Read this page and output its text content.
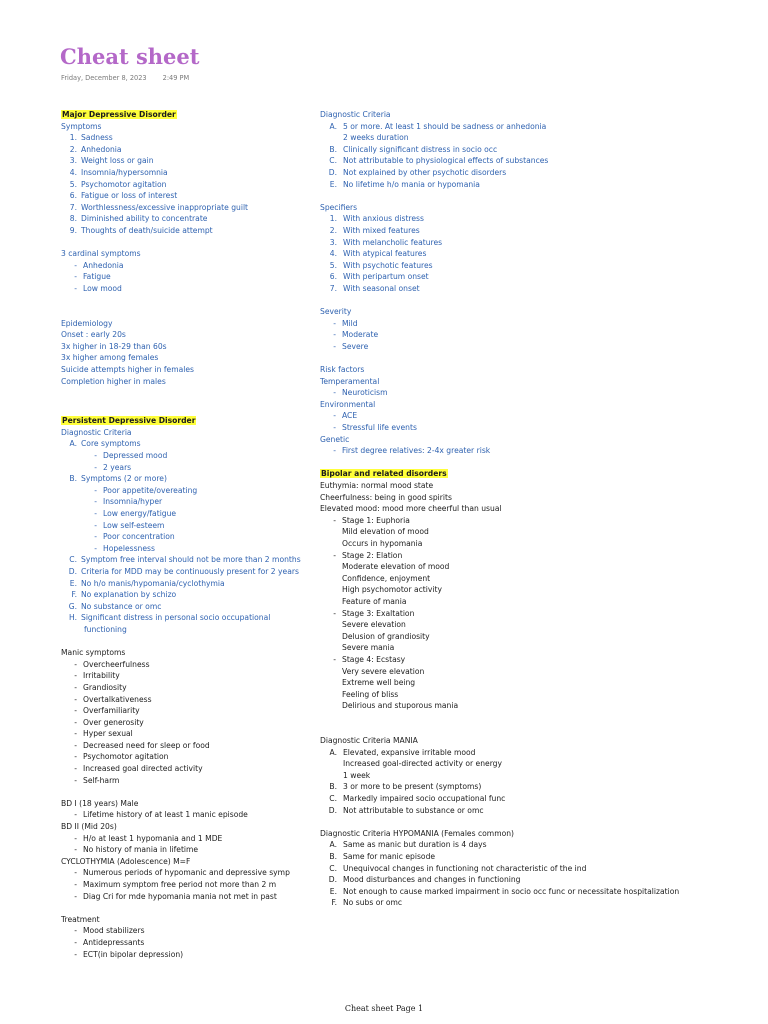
Cheat sheet
Friday, December 8, 2023 2:49 PM
Major Depressive Disorder
Symptoms
1. Sadness
2. Anhedonia
3. Weight loss or gain
4. Insomnia/hypersomnia
5. Psychomotor agitation
6. Fatigue or loss of interest
7. Worthlessness/excessive inappropriate guilt
8. Diminished ability to concentrate
9. Thoughts of death/suicide attempt
3 cardinal symptoms
- Anhedonia
- Fatigue
- Low mood
Epidemiology
Onset : early 20s
3x higher in 18-29 than 60s
3x higher among females
Suicide attempts higher in females
Completion higher in males
Persistent Depressive Disorder
Diagnostic Criteria
A. Core symptoms
- Depressed mood
- 2 years
B. Symptoms (2 or more)
- Poor appetite/overeating
- Insomnia/hyper
- Low energy/fatigue
- Low self-esteem
- Poor concentration
- Hopelessness
C. Symptom free interval should not be more than 2 months
D. Criteria for MDD may be continuously present for 2 years
E. No h/o manis/hypomania/cyclothymia
F. No explanation by schizo
G. No substance or omc
H. Significant distress in personal socio occupational
functioning
Manic symptoms
- Overcheerfulness
- Irritability
- Grandiosity
- Overtalkativeness
- Overfamiliarity
- Over generosity
- Hyper sexual
- Decreased need for sleep or food
- Psychomotor agitation
- Increased goal directed activity
- Self-harm
BD I (18 years) Male
- Lifetime history of at least 1 manic episode
BD II (Mid 20s)
- H/o at least 1 hypomania and 1 MDE
- No history of mania in lifetime
CYCLOTHYMIA (Adolescence) M=F
- Numerous periods of hypomanic and depressive symp
- Maximum symptom free period not more than 2 m
- Diag Cri for mde hypomania mania not met in past
Treatment
- Mood stabilizers
- Antidepressants
- ECT(in bipolar depression)
Diagnostic Criteria
A. 5 or more. At least 1 should be sadness or anhedonia
2 weeks duration
B. Clinically significant distress in socio occ
C. Not attributable to physiological effects of substances
D. Not explained by other psychotic disorders
E. No lifetime h/o mania or hypomania
Specifiers
1. With anxious distress
2. With mixed features
3. With melancholic features
4. With atypical features
5. With psychotic features
6. With peripartum onset
7. With seasonal onset
Severity
- Mild
- Moderate
- Severe
Risk factors
Temperamental
- Neuroticism
Environmental
- ACE
- Stressful life events
Genetic
- First degree relatives: 2-4x greater risk
Bipolar and related disorders
Euthymia: normal mood state
Cheerfulness: being in good spirits
Elevated mood: mood more cheerful than usual
- Stage 1: Euphoria
Mild elevation of mood
Occurs in hypomania
- Stage 2: Elation
Moderate elevation of mood
Confidence, enjoyment
High psychomotor activity
Feature of mania
- Stage 3: Exaltation
Severe elevation
Delusion of grandiosity
Severe mania
- Stage 4: Ecstasy
Very severe elevation
Extreme well being
Feeling of bliss
Delirious and stuporous mania
Diagnostic Criteria MANIA
A. Elevated, expansive irritable mood
Increased goal-directed activity or energy
1 week
B. 3 or more to be present (symptoms)
C. Markedly impaired socio occupational func
D. Not attributable to substance or omc
Diagnostic Criteria HYPOMANIA (Females common)
A. Same as manic but duration is 4 days
B. Same for manic episode
C. Unequivocal changes in functioning not characteristic of the ind
D. Mood disturbances and changes in functioning
E. Not enough to cause marked impairment in socio occ func or necessitate hospitalization
F. No subs or omc
Cheat sheet Page 1
